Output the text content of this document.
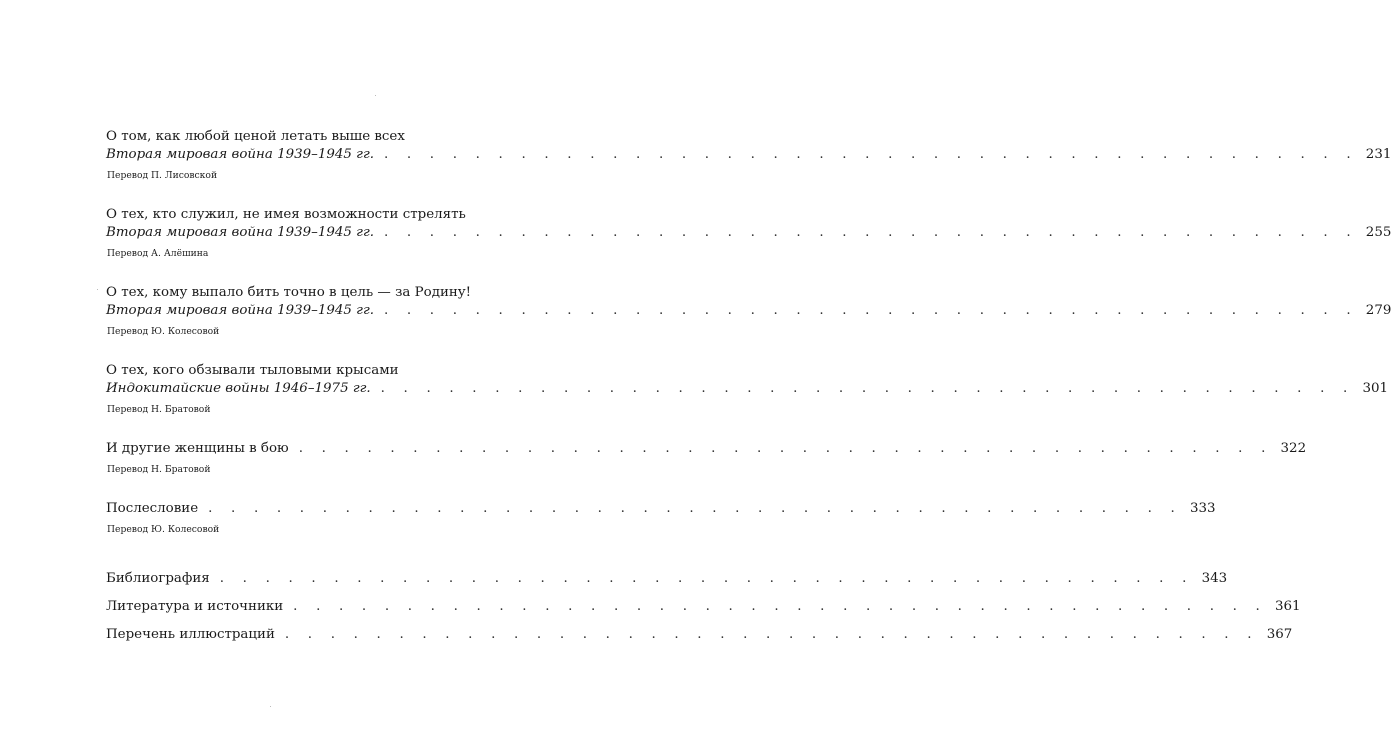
О том, как любой ценой летать выше всех
Вторая мировая война 1939–1945 гг. . . . . . . . . . . . . . . . . . . . . . . . . . . . . . . . . . . . . . . . . . . . 231
Перевод П. Лисовской
О тех, кто служил, не имея возможности стрелять
Вторая мировая война 1939–1945 гг. . . . . . . . . . . . . . . . . . . . . . . . . . . . . . . . . . . . . . . . . . . . 255
Перевод А. Алёшина
О тех, кому выпало бить точно в цель — за Родину!
Вторая мировая война 1939–1945 гг. . . . . . . . . . . . . . . . . . . . . . . . . . . . . . . . . . . . . . . . . . . . 279
Перевод Ю. Колесовой
О тех, кого обзывали тыловыми крысами
Индокитайские войны 1946–1975 гг. . . . . . . . . . . . . . . . . . . . . . . . . . . . . . . . . . . . . . . . . . . . 301
Перевод Н. Братовой
И другие женщины в бою . . . . . . . . . . . . . . . . . . . . . . . . . . . . . . . . . . . . . . . . . . . 322
Перевод Н. Братовой
Послесловие . . . . . . . . . . . . . . . . . . . . . . . . . . . . . . . . . . . . . . . . . . . 333
Перевод Ю. Колесовой
Библиография . . . . . . . . . . . . . . . . . . . . . . . . . . . . . . . . . . . . . . . . . . . 343
Литература и источники . . . . . . . . . . . . . . . . . . . . . . . . . . . . . . . . . . . . . . . . . . . 361
Перечень иллюстраций . . . . . . . . . . . . . . . . . . . . . . . . . . . . . . . . . . . . . . . . . . . 367
